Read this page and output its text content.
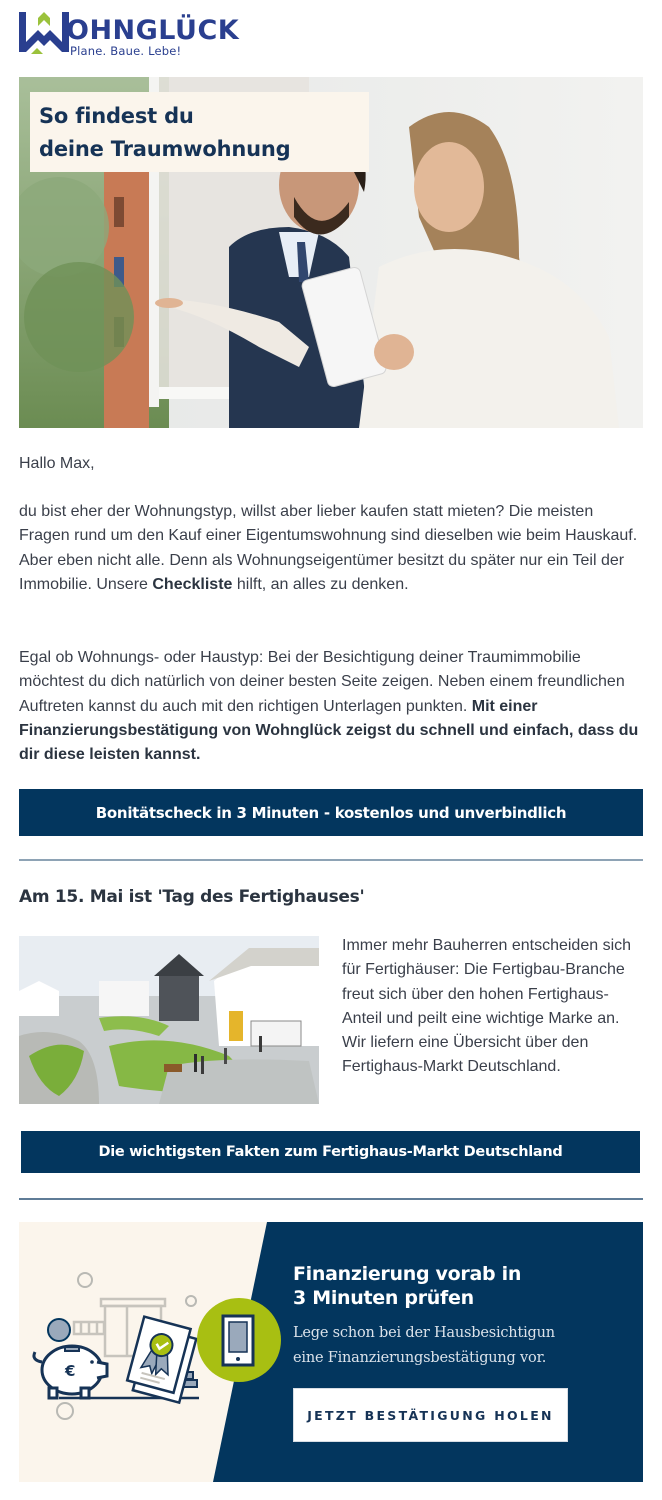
OHNGLÜCK
Plane. Baue. Lebe!
So findest du
deine Traumwohnung
Hallo Max,

du bist eher der Wohnungstyp, willst aber lieber kaufen statt mieten? Die meisten Fragen rund um den Kauf einer Eigentumswohnung sind dieselben wie beim Hauskauf. Aber eben nicht alle. Denn als Wohnungseigentümer besitzt du später nur ein Teil der Immobilie. Unsere Checkliste hilft, an alles zu denken.

Egal ob Wohnungs- oder Haustyp: Bei der Besichtigung deiner Traumimmobilie möchtest du dich natürlich von deiner besten Seite zeigen. Neben einem freundlichen Auftreten kannst du auch mit den richtigen Unterlagen punkten. Mit einer Finanzierungsbestätigung von Wohnglück zeigst du schnell und einfach, dass du dir diese leisten kannst.

Bonitätscheck in 3 Minuten - kostenlos und unverbindlich
Am 15. Mai ist 'Tag des Fertighauses'

Immer mehr Bauherren entscheiden sich für Fertighäuser: Die Fertigbau-Branche freut sich über den hohen Fertighaus-Anteil und peilt eine wichtige Marke an. Wir liefern eine Übersicht über den Fertighaus-Markt Deutschland.

Die wichtigsten Fakten zum Fertighaus-Markt Deutschland
€
Finanzierung vorab in
3 Minuten prüfen
Lege schon bei der Hausbesichtigun
eine Finanzierungsbestätigung vor.
JETZT BESTÄTIGUNG HOLEN
